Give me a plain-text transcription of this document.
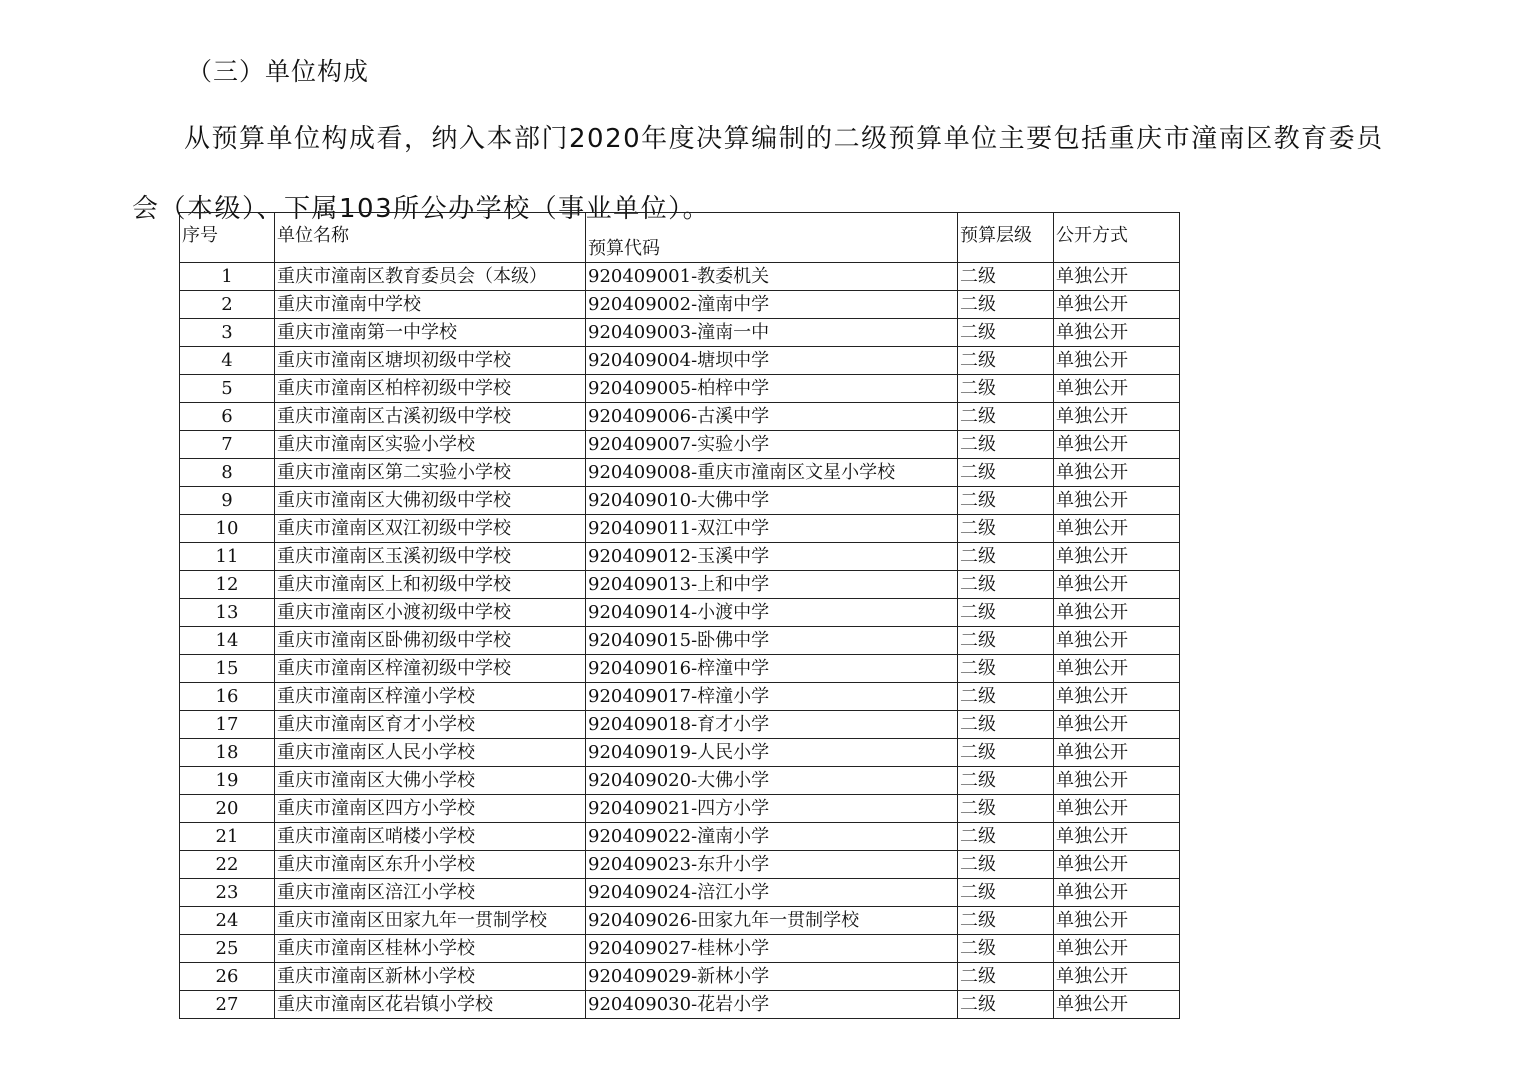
（三）单位构成

从预算单位构成看，纳入本部门2020年度决算编制的二级预算单位主要包括重庆市潼南区教育委员会（本级）、下属103所公办学校（事业单位）。

序号	单位名称	预算代码	预算层级	公开方式
1	重庆市潼南区教育委员会（本级）	920409001-教委机关	二级	单独公开
2	重庆市潼南中学校	920409002-潼南中学	二级	单独公开
3	重庆市潼南第一中学校	920409003-潼南一中	二级	单独公开
4	重庆市潼南区塘坝初级中学校	920409004-塘坝中学	二级	单独公开
5	重庆市潼南区柏梓初级中学校	920409005-柏梓中学	二级	单独公开
6	重庆市潼南区古溪初级中学校	920409006-古溪中学	二级	单独公开
7	重庆市潼南区实验小学校	920409007-实验小学	二级	单独公开
8	重庆市潼南区第二实验小学校	920409008-重庆市潼南区文星小学校	二级	单独公开
9	重庆市潼南区大佛初级中学校	920409010-大佛中学	二级	单独公开
10	重庆市潼南区双江初级中学校	920409011-双江中学	二级	单独公开
11	重庆市潼南区玉溪初级中学校	920409012-玉溪中学	二级	单独公开
12	重庆市潼南区上和初级中学校	920409013-上和中学	二级	单独公开
13	重庆市潼南区小渡初级中学校	920409014-小渡中学	二级	单独公开
14	重庆市潼南区卧佛初级中学校	920409015-卧佛中学	二级	单独公开
15	重庆市潼南区梓潼初级中学校	920409016-梓潼中学	二级	单独公开
16	重庆市潼南区梓潼小学校	920409017-梓潼小学	二级	单独公开
17	重庆市潼南区育才小学校	920409018-育才小学	二级	单独公开
18	重庆市潼南区人民小学校	920409019-人民小学	二级	单独公开
19	重庆市潼南区大佛小学校	920409020-大佛小学	二级	单独公开
20	重庆市潼南区四方小学校	920409021-四方小学	二级	单独公开
21	重庆市潼南区哨楼小学校	920409022-潼南小学	二级	单独公开
22	重庆市潼南区东升小学校	920409023-东升小学	二级	单独公开
23	重庆市潼南区涪江小学校	920409024-涪江小学	二级	单独公开
24	重庆市潼南区田家九年一贯制学校	920409026-田家九年一贯制学校	二级	单独公开
25	重庆市潼南区桂林小学校	920409027-桂林小学	二级	单独公开
26	重庆市潼南区新林小学校	920409029-新林小学	二级	单独公开
27	重庆市潼南区花岩镇小学校	920409030-花岩小学	二级	单独公开
